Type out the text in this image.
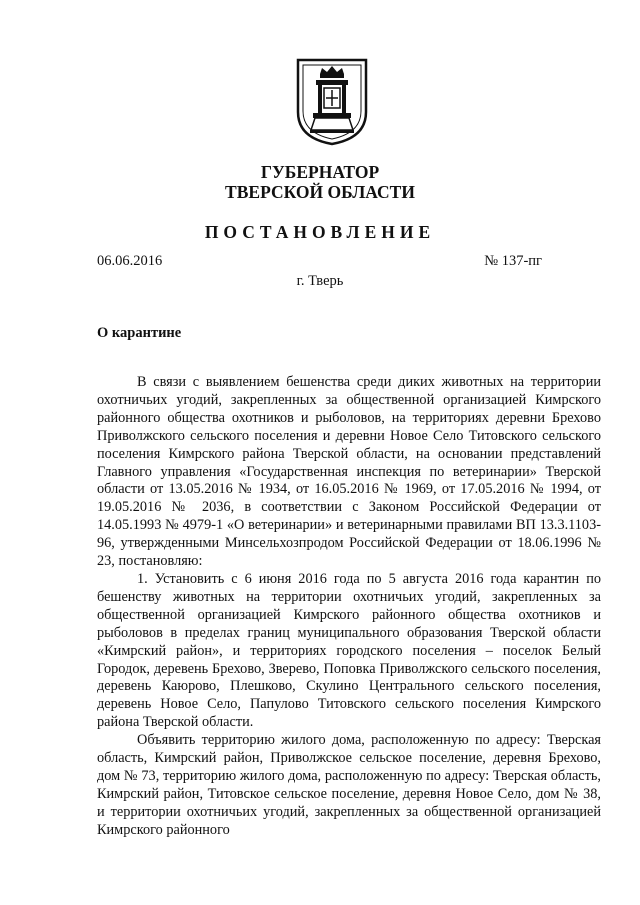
ГУБЕРНАТОР
ТВЕРСКОЙ ОБЛАСТИ
ПОСТАНОВЛЕНИЕ
06.06.2016	№ 137-пг
г. Тверь
О карантине

В связи с выявлением бешенства среди диких животных на территории охотничьих угодий, закрепленных за общественной организацией Кимрского районного общества охотников и рыболовов, на территориях деревни Брехово Приволжского сельского поселения и деревни Новое Село Титовского сельского поселения Кимрского района Тверской области, на основании представлений Главного управления «Государственная инспекция по ветеринарии» Тверской области от 13.05.2016 № 1934, от 16.05.2016 № 1969, от 17.05.2016 № 1994, от 19.05.2016 № 2036, в соответствии с Законом Российской Федерации от 14.05.1993 № 4979-1 «О ветеринарии» и ветеринарными правилами ВП 13.3.1103-96, утвержденными Минсельхозпродом Российской Федерации от 18.06.1996 № 23, постановляю:

1. Установить с 6 июня 2016 года по 5 августа 2016 года карантин по бешенству животных на территории охотничьих угодий, закрепленных за общественной организацией Кимрского районного общества охотников и рыболовов в пределах границ муниципального образования Тверской области «Кимрский район», и территориях городского поселения – поселок Белый Городок, деревень Брехово, Зверево, Поповка Приволжского сельского поселения, деревень Каюрово, Плешково, Скулино Центрального сельского поселения, деревень Новое Село, Папулово Титовского сельского поселения Кимрского района Тверской области.

Объявить территорию жилого дома, расположенную по адресу: Тверская область, Кимрский район, Приволжское сельское поселение, деревня Брехово, дом № 73, территорию жилого дома, расположенную по адресу: Тверская область, Кимрский район, Титовское сельское поселение, деревня Новое Село, дом № 38, и территории охотничьих угодий, закрепленных за общественной организацией Кимрского районного
